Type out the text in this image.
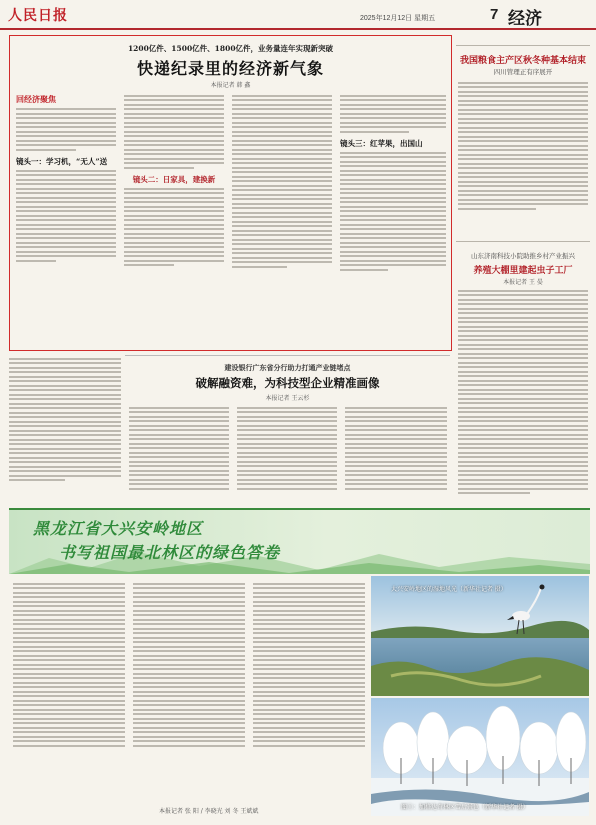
人民日报	2025年12月12日 星期五	7 经济
1200亿件、1500亿件、1800亿件，业务量连年实现新突破
快递纪录里的经济新气象
本报记者 韩 鑫
回经济聚焦
镜头一：学习机，“无人”送
镜头二：日家具，建换新
镜头三：红苹果，出国山
建设银行广东省分行助力打通产业链堵点
破解融资难，为科技型企业精准画像
本报记者 王云杉
我国粮食主产区秋冬种基本结束
四川管理正有序展开
山东济南科技小院助推乡村产业振兴
养殖大棚里建起虫子工厂
本报记者 王 晏
黑龙江省大兴安岭地区
书写祖国最北林区的绿色答卷
本报记者 张 阳 / 李晓光 刘 冬 王斌斌
大兴安岭地区的湿地风光（新华社记者 摄）
图①：加格达奇林区雪后景色（新华社记者 摄）
